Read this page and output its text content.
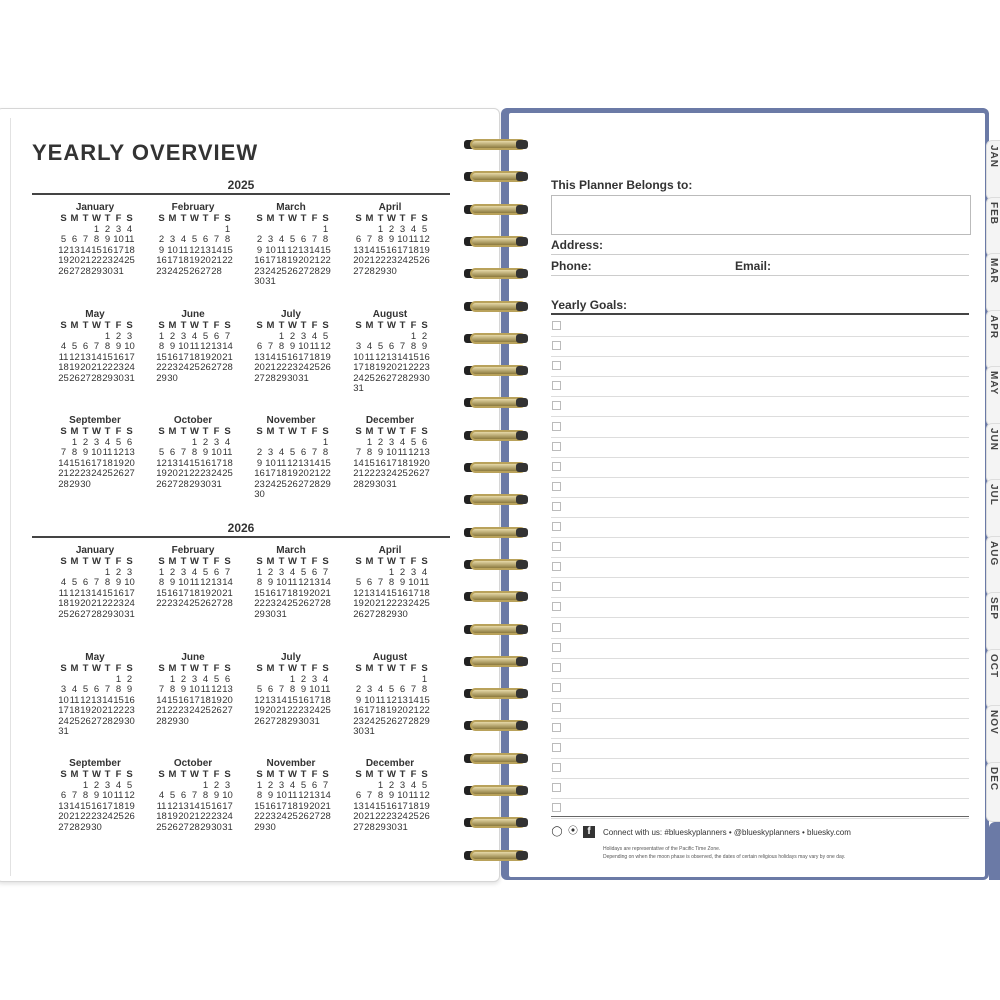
YEARLY OVERVIEW
2025
2026
January
S M T W T F S
1 2 3 4
5 6 7 8 9 10 11
12 13 14 15 16 17 18
19 20 21 22 23 24 25
26 27 28 29 30 31
February
S M T W T F S
1
2 3 4 5 6 7 8
9 10 11 12 13 14 15
16 17 18 19 20 21 22
23 24 25 26 27 28
March
S M T W T F S
1
2 3 4 5 6 7 8
9 10 11 12 13 14 15
16 17 18 19 20 21 22
23 24 25 26 27 28 29
30 31
April
S M T W T F S
1 2 3 4 5
6 7 8 9 10 11 12
13 14 15 16 17 18 19
20 21 22 23 24 25 26
27 28 29 30
May
S M T W T F S
1 2 3
4 5 6 7 8 9 10
11 12 13 14 15 16 17
18 19 20 21 22 23 24
25 26 27 28 29 30 31
June
S M T W T F S
1 2 3 4 5 6 7
8 9 10 11 12 13 14
15 16 17 18 19 20 21
22 23 24 25 26 27 28
29 30
July
S M T W T F S
1 2 3 4 5
6 7 8 9 10 11 12
13 14 15 16 17 18 19
20 21 22 23 24 25 26
27 28 29 30 31
August
S M T W T F S
1 2
3 4 5 6 7 8 9
10 11 12 13 14 15 16
17 18 19 20 21 22 23
24 25 26 27 28 29 30
31
September
S M T W T F S
1 2 3 4 5 6
7 8 9 10 11 12 13
14 15 16 17 18 19 20
21 22 23 24 25 26 27
28 29 30
October
S M T W T F S
1 2 3 4
5 6 7 8 9 10 11
12 13 14 15 16 17 18
19 20 21 22 23 24 25
26 27 28 29 30 31
November
S M T W T F S
1
2 3 4 5 6 7 8
9 10 11 12 13 14 15
16 17 18 19 20 21 22
23 24 25 26 27 28 29
30
December
S M T W T F S
1 2 3 4 5 6
7 8 9 10 11 12 13
14 15 16 17 18 19 20
21 22 23 24 25 26 27
28 29 30 31
January
S M T W T F S
1 2 3
4 5 6 7 8 9 10
11 12 13 14 15 16 17
18 19 20 21 22 23 24
25 26 27 28 29 30 31
February
S M T W T F S
1 2 3 4 5 6 7
8 9 10 11 12 13 14
15 16 17 18 19 20 21
22 23 24 25 26 27 28
March
S M T W T F S
1 2 3 4 5 6 7
8 9 10 11 12 13 14
15 16 17 18 19 20 21
22 23 24 25 26 27 28
29 30 31
April
S M T W T F S
1 2 3 4
5 6 7 8 9 10 11
12 13 14 15 16 17 18
19 20 21 22 23 24 25
26 27 28 29 30
May
S M T W T F S
1 2
3 4 5 6 7 8 9
10 11 12 13 14 15 16
17 18 19 20 21 22 23
24 25 26 27 28 29 30
31
June
S M T W T F S
1 2 3 4 5 6
7 8 9 10 11 12 13
14 15 16 17 18 19 20
21 22 23 24 25 26 27
28 29 30
July
S M T W T F S
1 2 3 4
5 6 7 8 9 10 11
12 13 14 15 16 17 18
19 20 21 22 23 24 25
26 27 28 29 30 31
August
S M T W T F S
1
2 3 4 5 6 7 8
9 10 11 12 13 14 15
16 17 18 19 20 21 22
23 24 25 26 27 28 29
30 31
September
S M T W T F S
1 2 3 4 5
6 7 8 9 10 11 12
13 14 15 16 17 18 19
20 21 22 23 24 25 26
27 28 29 30
October
S M T W T F S
1 2 3
4 5 6 7 8 9 10
11 12 13 14 15 16 17
18 19 20 21 22 23 24
25 26 27 28 29 30 31
November
S M T W T F S
1 2 3 4 5 6 7
8 9 10 11 12 13 14
15 16 17 18 19 20 21
22 23 24 25 26 27 28
29 30
December
S M T W T F S
1 2 3 4 5
6 7 8 9 10 11 12
13 14 15 16 17 18 19
20 21 22 23 24 25 26
27 28 29 30 31
This Planner Belongs to:
Address:
Phone:	Email:
Yearly Goals:
◯ ⦿ f	Connect with us: #blueskyplanners • @blueskyplanners • bluesky.com
Holidays are representative of the Pacific Time Zone.
Depending on when the moon phase is observed, the dates of certain religious holidays may vary by one day.
JAN
FEB
MAR
APR
MAY
JUN
JUL
AUG
SEP
OCT
NOV
DEC
